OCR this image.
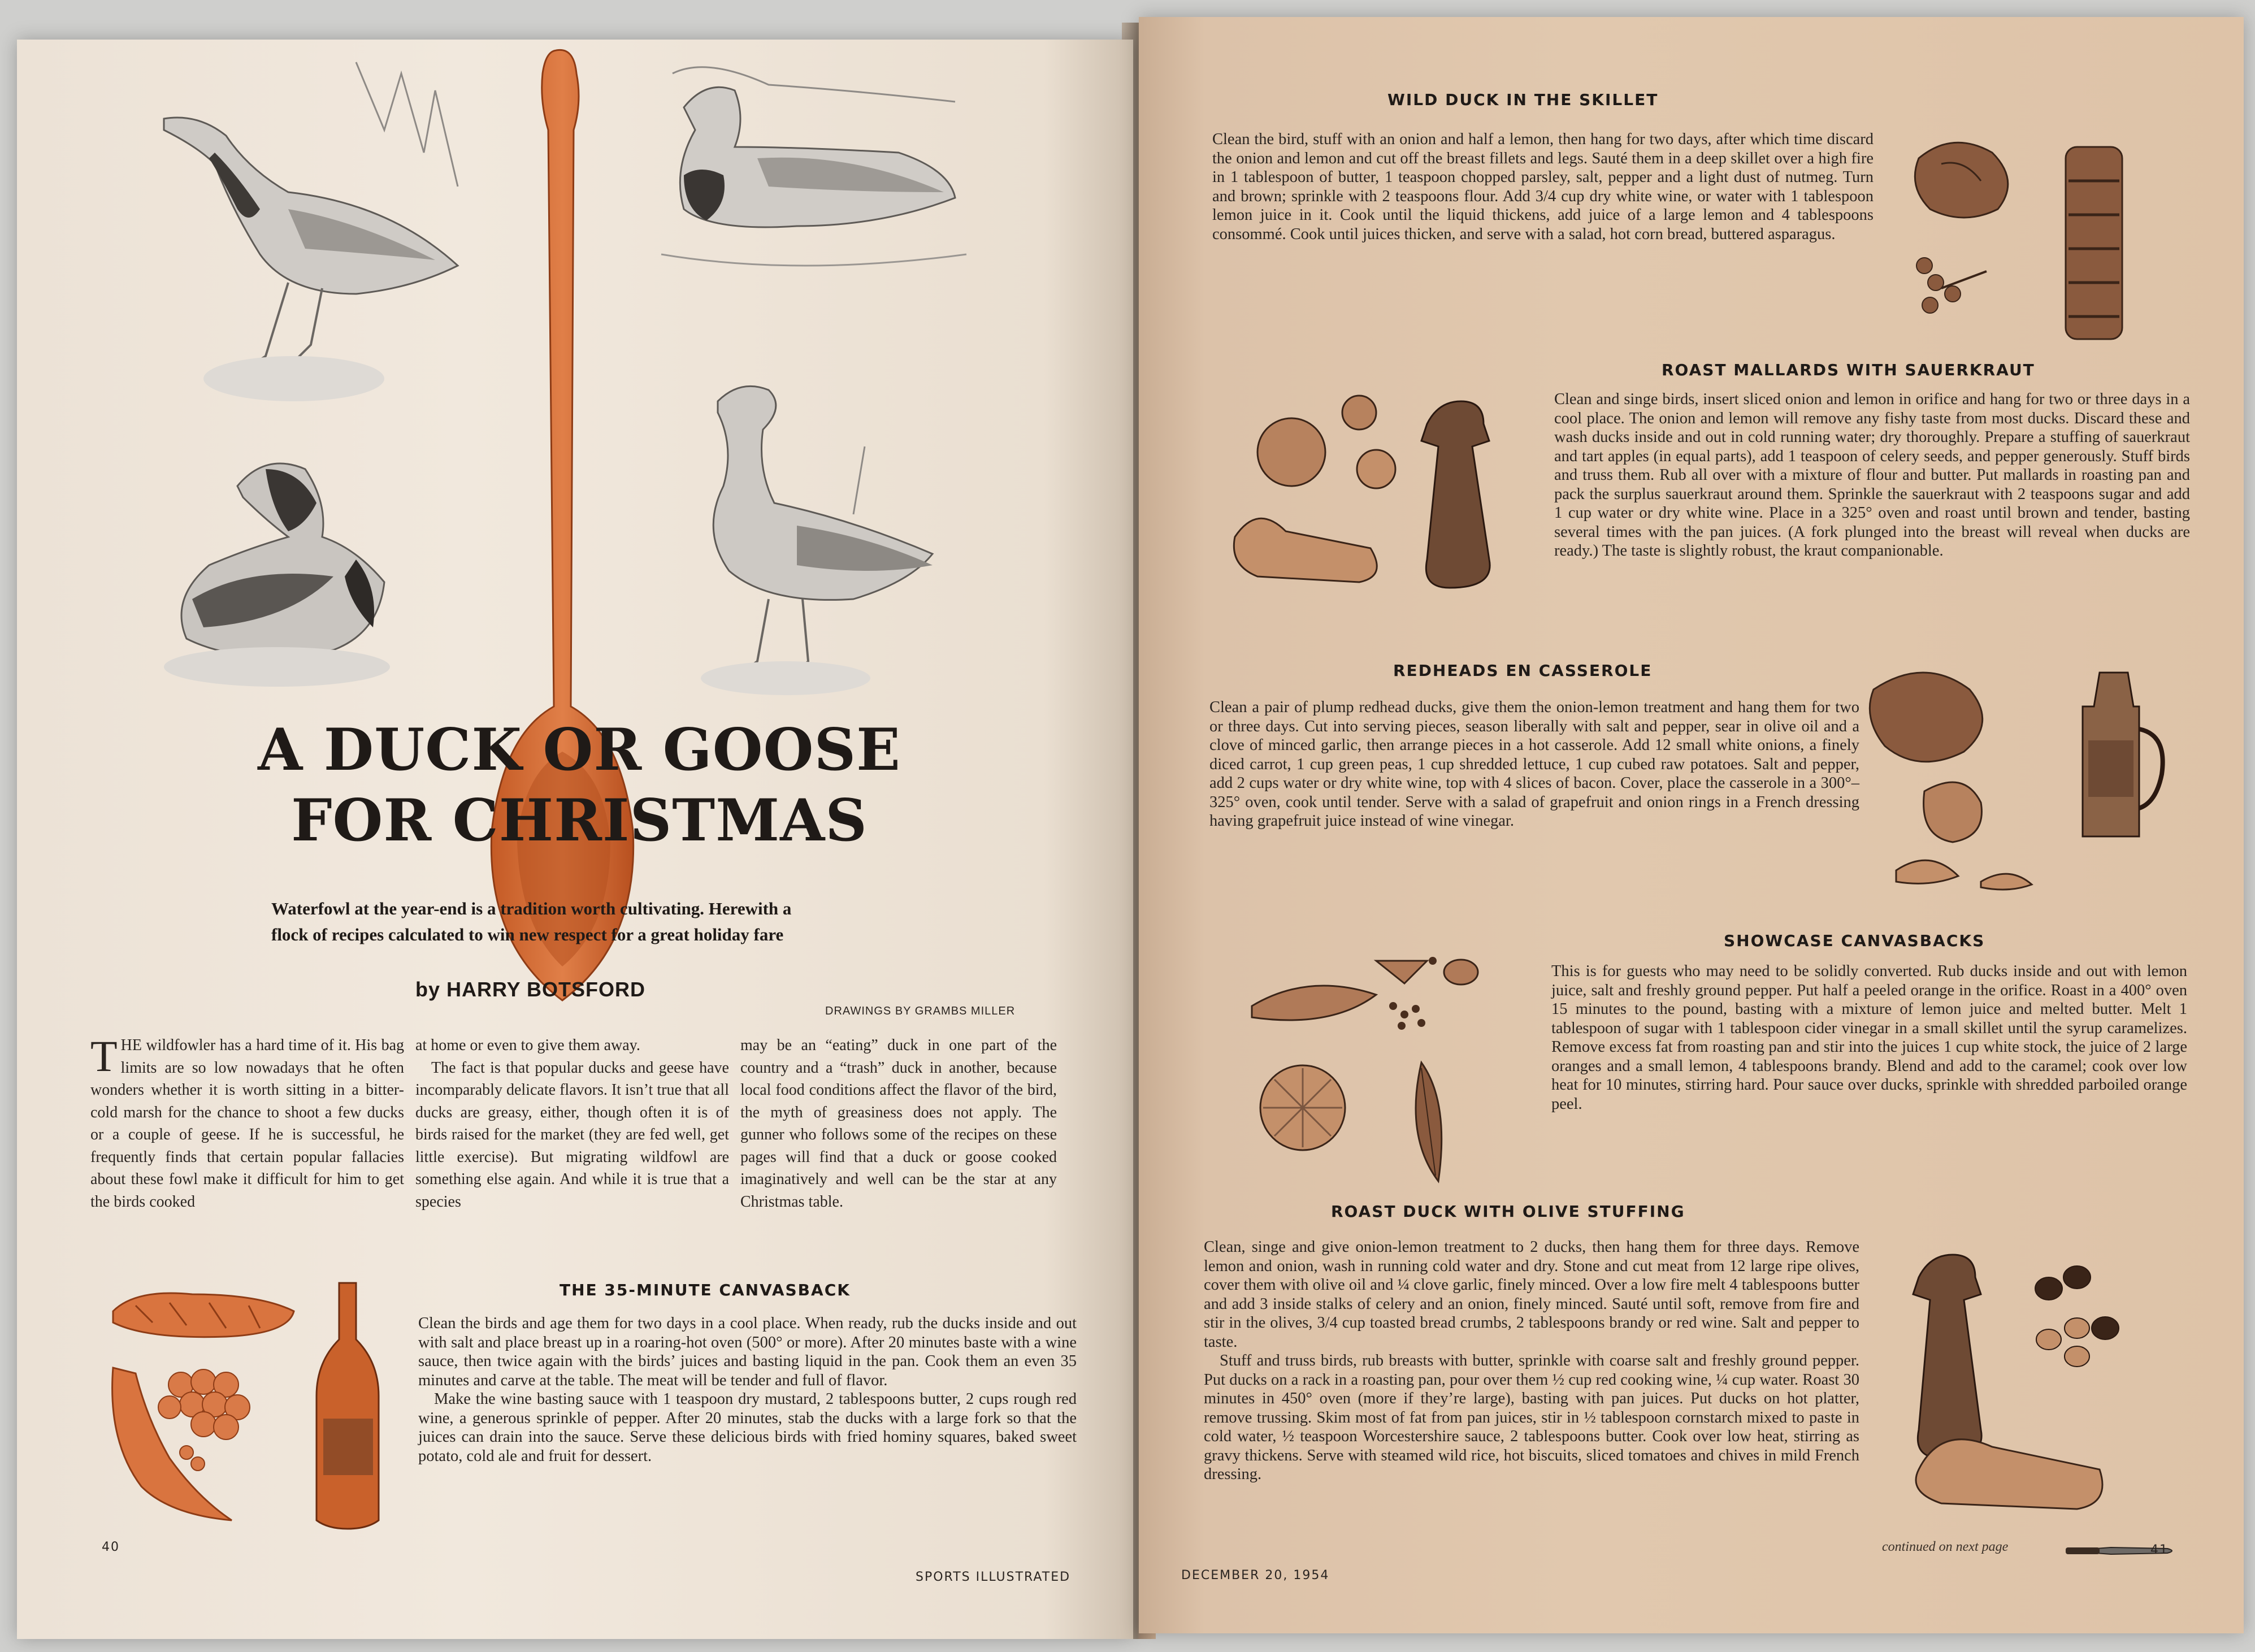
A DUCK OR GOOSE
FOR CHRISTMAS
Waterfowl at the year-end is a tradition worth cultivating. Herewith a
flock of recipes calculated to win new respect for a great holiday fare
by HARRY BOTSFORD
DRAWINGS BY GRAMBS MILLER

THE wildfowler has a hard time of it. His bag limits are so low nowadays that he often wonders whether it is worth sitting in a bitter-cold marsh for the chance to shoot a few ducks or a couple of geese. If he is successful, he frequently finds that certain popular fallacies about these fowl make it difficult for him to get the birds cooked

at home or even to give them away.

The fact is that popular ducks and geese have incomparably delicate flavors. It isn’t true that all ducks are greasy, either, though often it is of birds raised for the market (they are fed well, get little exercise). But migrating wildfowl are something else again. And while it is true that a species

may be an “eating” duck in one part of the country and a “trash” duck in another, because local food conditions affect the flavor of the bird, the myth of greasiness does not apply. The gunner who follows some of the recipes on these pages will find that a duck or goose cooked imaginatively and well can be the star at any Christmas table.

THE 35-MINUTE CANVASBACK

Clean the birds and age them for two days in a cool place. When ready, rub the ducks inside and out with salt and place breast up in a roaring-hot oven (500° or more). After 20 minutes baste with a wine sauce, then twice again with the birds’ juices and basting liquid in the pan. Cook them an even 35 minutes and carve at the table. The meat will be tender and full of flavor.

Make the wine basting sauce with 1 teaspoon dry mustard, 2 tablespoons butter, 2 cups rough red wine, a generous sprinkle of pepper. After 20 minutes, stab the ducks with a large fork so that the juices can drain into the sauce. Serve these delicious birds with fried hominy squares, baked sweet potato, cold ale and fruit for dessert.

40
SPORTS ILLUSTRATED
WILD DUCK IN THE SKILLET
Clean the bird, stuff with an onion and half a lemon, then hang for two days, after which time discard the onion and lemon and cut off the breast fillets and legs. Sauté them in a deep skillet over a high fire in 1 tablespoon of butter, 1 teaspoon chopped parsley, salt, pepper and a light dust of nutmeg. Turn and brown; sprinkle with 2 teaspoons flour. Add 3/4 cup dry white wine, or water with 1 tablespoon lemon juice in it. Cook until the liquid thickens, add juice of a large lemon and 4 tablespoons consommé. Cook until juices thicken, and serve with a salad, hot corn bread, buttered asparagus.
ROAST MALLARDS WITH SAUERKRAUT
Clean and singe birds, insert sliced onion and lemon in orifice and hang for two or three days in a cool place. The onion and lemon will remove any fishy taste from most ducks. Discard these and wash ducks inside and out in cold running water; dry thoroughly. Prepare a stuffing of sauerkraut and tart apples (in equal parts), add 1 teaspoon of celery seeds, and pepper generously. Stuff birds and truss them. Rub all over with a mixture of flour and butter. Put mallards in roasting pan and pack the surplus sauerkraut around them. Sprinkle the sauerkraut with 2 teaspoons sugar and add 1 cup water or dry white wine. Place in a 325° oven and roast until brown and tender, basting several times with the pan juices. (A fork plunged into the breast will reveal when ducks are ready.) The taste is slightly robust, the kraut companionable.
REDHEADS EN CASSEROLE
Clean a pair of plump redhead ducks, give them the onion-lemon treatment and hang them for two or three days. Cut into serving pieces, season liberally with salt and pepper, sear in olive oil and a clove of minced garlic, then arrange pieces in a hot casserole. Add 12 small white onions, a finely diced carrot, 1 cup green peas, 1 cup shredded lettuce, 1 cup cubed raw potatoes. Salt and pepper, add 2 cups water or dry white wine, top with 4 slices of bacon. Cover, place the casserole in a 300°–325° oven, cook until tender. Serve with a salad of grapefruit and onion rings in a French dressing having grapefruit juice instead of wine vinegar.
SHOWCASE CANVASBACKS
This is for guests who may need to be solidly converted. Rub ducks inside and out with lemon juice, salt and freshly ground pepper. Put half a peeled orange in the orifice. Roast in a 400° oven 15 minutes to the pound, basting with a mixture of lemon juice and melted butter. Melt 1 tablespoon of sugar with 1 tablespoon cider vinegar in a small skillet until the syrup caramelizes. Remove excess fat from roasting pan and stir into the juices 1 cup white stock, the juice of 2 large oranges and a small lemon, 4 tablespoons brandy. Blend and add to the caramel; cook over low heat for 10 minutes, stirring hard. Pour sauce over ducks, sprinkle with shredded parboiled orange peel.
ROAST DUCK WITH OLIVE STUFFING

Clean, singe and give onion-lemon treatment to 2 ducks, then hang them for three days. Remove lemon and onion, wash in running cold water and dry. Stone and cut meat from 12 large ripe olives, cover them with olive oil and ¼ clove garlic, finely minced. Over a low fire melt 4 tablespoons butter and add 3 inside stalks of celery and an onion, finely minced. Sauté until soft, remove from fire and stir in the olives, 3/4 cup toasted bread crumbs, 2 tablespoons brandy or red wine. Salt and pepper to taste.

Stuff and truss birds, rub breasts with butter, sprinkle with coarse salt and freshly ground pepper. Put ducks on a rack in a roasting pan, pour over them ½ cup red cooking wine, ¼ cup water. Roast 30 minutes in 450° oven (more if they’re large), basting with pan juices. Put ducks on hot platter, remove trussing. Skim most of fat from pan juices, stir in ½ tablespoon cornstarch mixed to paste in cold water, ½ teaspoon Worcestershire sauce, 2 tablespoons butter. Cook over low heat, stirring as gravy thickens. Serve with steamed wild rice, hot biscuits, sliced tomatoes and chives in mild French dressing.

continued on next page
DECEMBER 20, 1954
41
